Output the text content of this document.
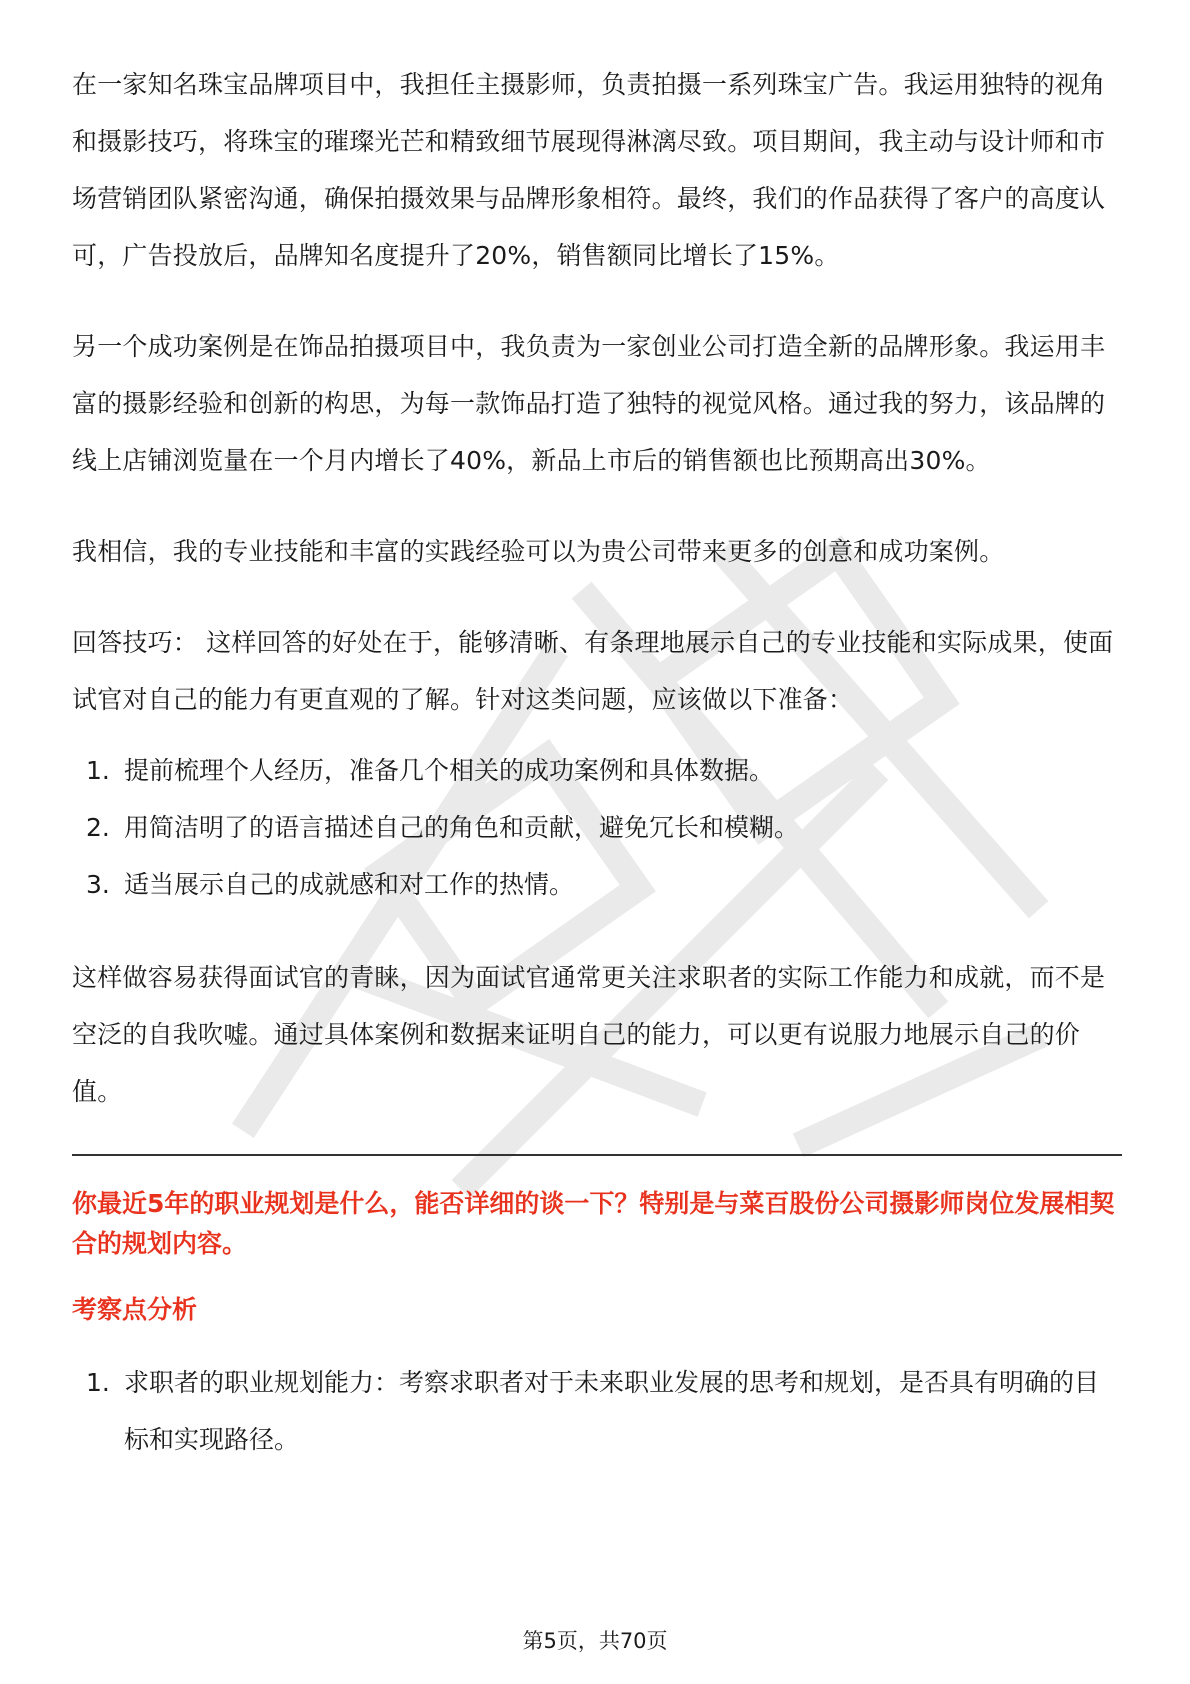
在一家知名珠宝品牌项目中，我担任主摄影师，负责拍摄一系列珠宝广告。我运用独特的视角和摄影技巧，将珠宝的璀璨光芒和精致细节展现得淋漓尽致。项目期间，我主动与设计师和市场营销团队紧密沟通，确保拍摄效果与品牌形象相符。最终，我们的作品获得了客户的高度认可，广告投放后，品牌知名度提升了20%，销售额同比增长了15%。

另一个成功案例是在饰品拍摄项目中，我负责为一家创业公司打造全新的品牌形象。我运用丰富的摄影经验和创新的构思，为每一款饰品打造了独特的视觉风格。通过我的努力，该品牌的线上店铺浏览量在一个月内增长了40%，新品上市后的销售额也比预期高出30%。

我相信，我的专业技能和丰富的实践经验可以为贵公司带来更多的创意和成功案例。

回答技巧： 这样回答的好处在于，能够清晰、有条理地展示自己的专业技能和实际成果，使面试官对自己的能力有更直观的了解。针对这类问题，应该做以下准备：

1. 提前梳理个人经历，准备几个相关的成功案例和具体数据。
2. 用简洁明了的语言描述自己的角色和贡献，避免冗长和模糊。
3. 适当展示自己的成就感和对工作的热情。

这样做容易获得面试官的青睐，因为面试官通常更关注求职者的实际工作能力和成就，而不是空泛的自我吹嘘。通过具体案例和数据来证明自己的能力，可以更有说服力地展示自己的价值。

你最近5年的职业规划是什么，能否详细的谈一下？特别是与菜百股份公司摄影师岗位发展相契合的规划内容。
考察点分析
1. 求职者的职业规划能力：考察求职者对于未来职业发展的思考和规划，是否具有明确的目标和实现路径。
第5页，共70页
